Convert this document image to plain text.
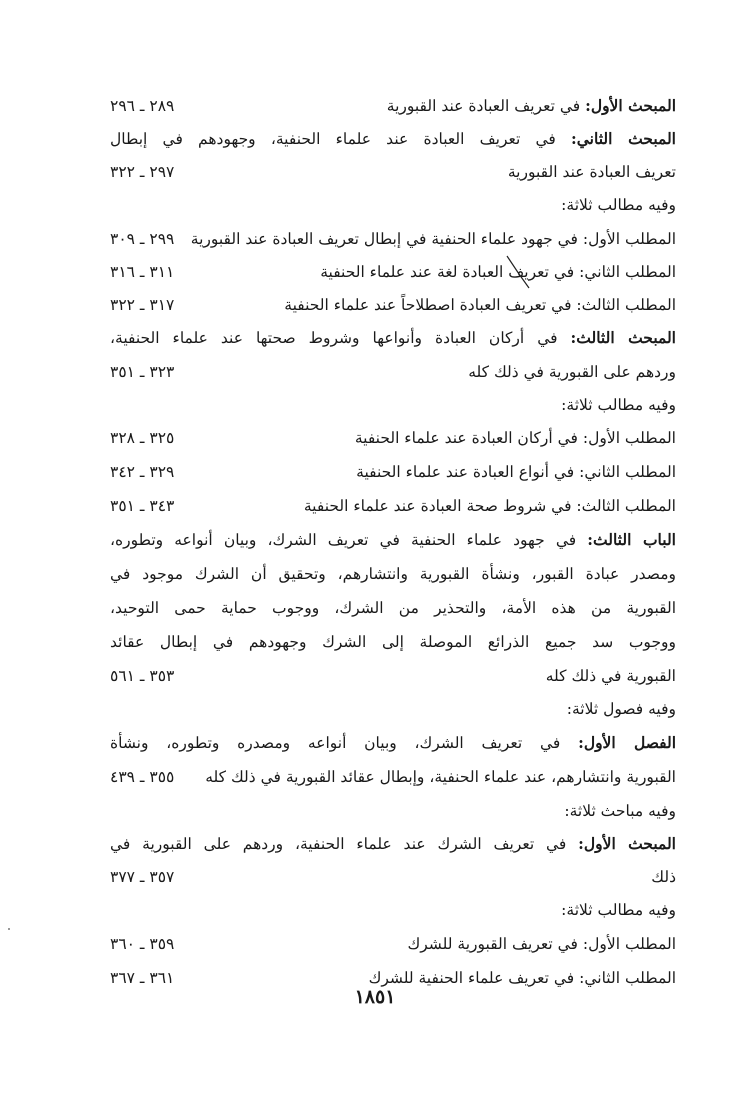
المبحث الأول: في تعريف العبادة عند القبورية
٢٨٩ ـ ٢٩٦
المبحث الثاني: في تعريف العبادة عند علماء الحنفية، وجهودهم في إبطال
تعريف العبادة عند القبورية
٢٩٧ ـ ٣٢٢
وفيه مطالب ثلاثة:
المطلب الأول: في جهود علماء الحنفية في إبطال تعريف العبادة عند القبورية
٢٩٩ ـ ٣٠٩
المطلب الثاني: في تعريف العبادة لغة عند علماء الحنفية
٣١١ ـ ٣١٦
المطلب الثالث: في تعريف العبادة اصطلاحاً عند علماء الحنفية
٣١٧ ـ ٣٢٢
المبحث الثالث: في أركان العبادة وأنواعها وشروط صحتها عند علماء الحنفية،
وردهم على القبورية في ذلك كله
٣٢٣ ـ ٣٥١
وفيه مطالب ثلاثة:
المطلب الأول: في أركان العبادة عند علماء الحنفية
٣٢٥ ـ ٣٢٨
المطلب الثاني: في أنواع العبادة عند علماء الحنفية
٣٢٩ ـ ٣٤٢
المطلب الثالث: في شروط صحة العبادة عند علماء الحنفية
٣٤٣ ـ ٣٥١
الباب الثالث: في جهود علماء الحنفية في تعريف الشرك، وبيان أنواعه وتطوره،
ومصدر عبادة القبور، ونشأة القبورية وانتشارهم، وتحقيق أن الشرك موجود في
القبورية من هذه الأمة، والتحذير من الشرك، ووجوب حماية حمى التوحيد،
ووجوب سد جميع الذرائع الموصلة إلى الشرك وجهودهم في إبطال عقائد
القبورية في ذلك كله
٣٥٣ ـ ٥٦١
وفيه فصول ثلاثة:
الفصل الأول: في تعريف الشرك، وبيان أنواعه ومصدره وتطوره، ونشأة
القبورية وانتشارهم، عند علماء الحنفية، وإبطال عقائد القبورية في ذلك كله
٣٥٥ ـ ٤٣٩
وفيه مباحث ثلاثة:
المبحث الأول: في تعريف الشرك عند علماء الحنفية، وردهم على القبورية في
ذلك
٣٥٧ ـ ٣٧٧
وفيه مطالب ثلاثة:
المطلب الأول: في تعريف القبورية للشرك
٣٥٩ ـ ٣٦٠
المطلب الثاني: في تعريف علماء الحنفية للشرك
٣٦١ ـ ٣٦٧
١٨٥١
